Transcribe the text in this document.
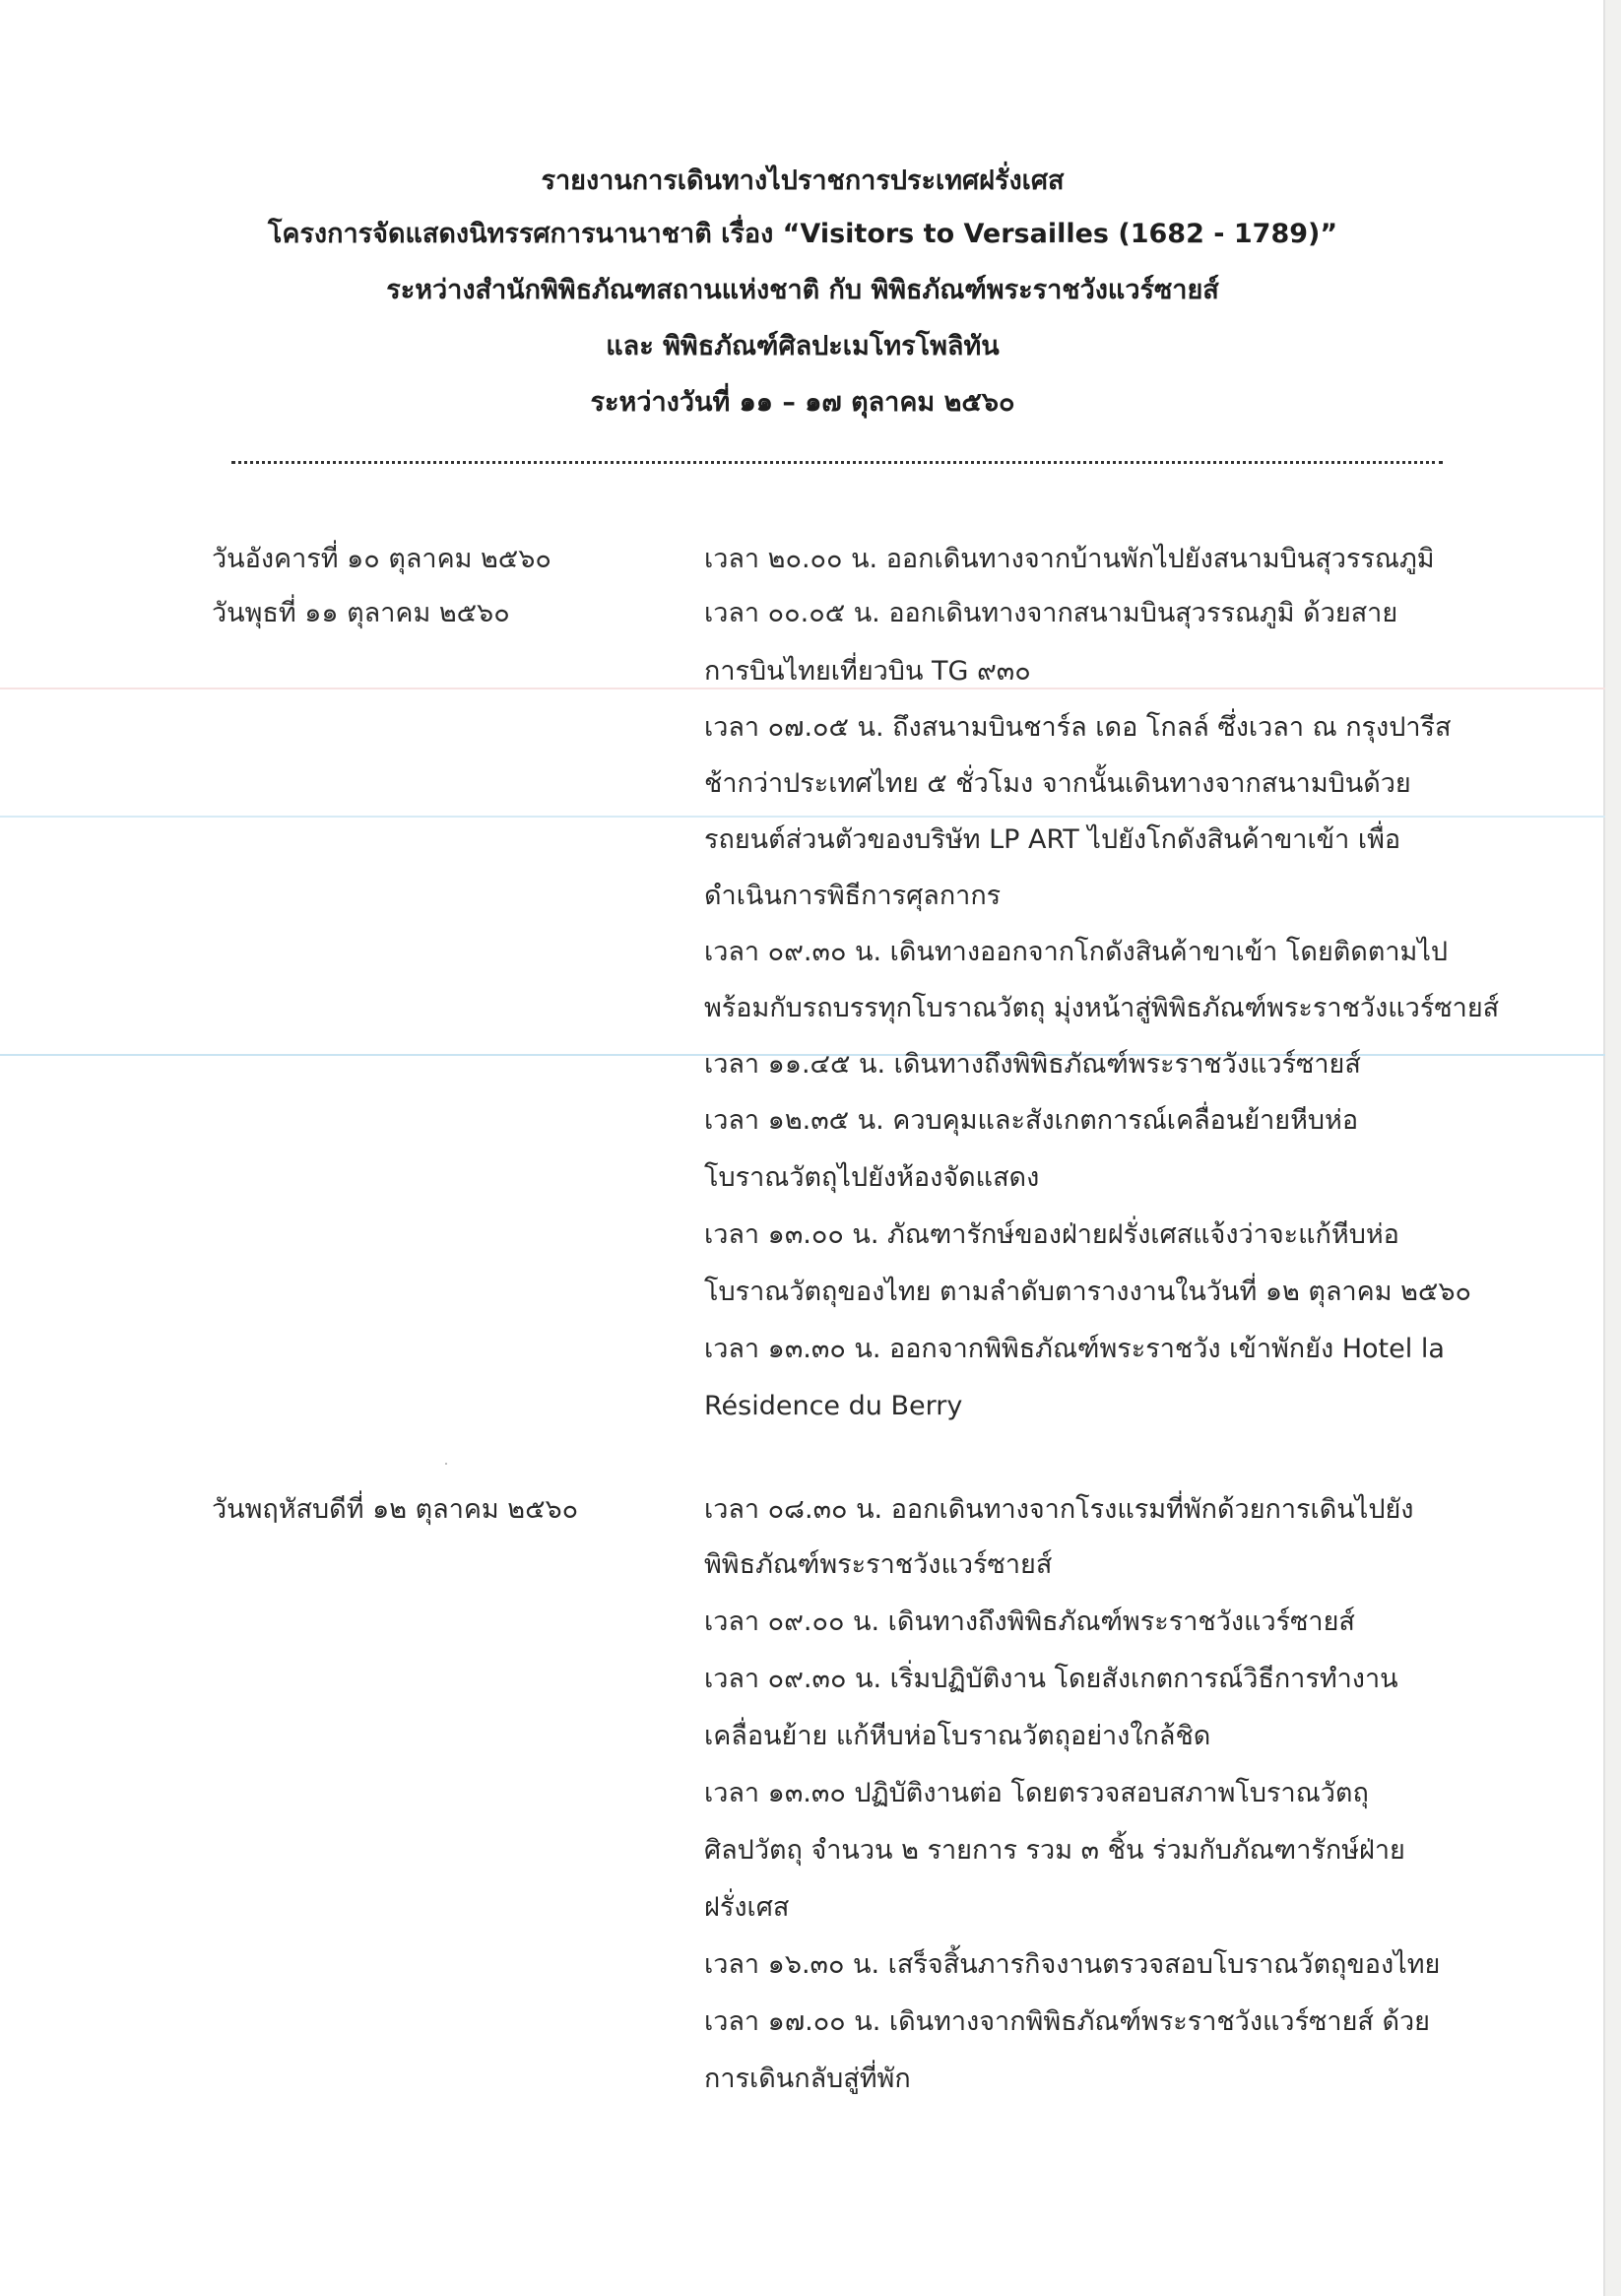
รายงานการเดินทางไปราชการประเทศฝรั่งเศส
โครงการจัดแสดงนิทรรศการนานาชาติ เรื่อง “Visitors to Versailles (1682 - 1789)”
ระหว่างสำนักพิพิธภัณฑสถานแห่งชาติ กับ พิพิธภัณฑ์พระราชวังแวร์ซายส์
และ พิพิธภัณฑ์ศิลปะเมโทรโพลิทัน
ระหว่างวันที่ ๑๑ – ๑๗ ตุลาคม ๒๕๖๐
วันอังคารที่ ๑๐ ตุลาคม ๒๕๖๐
วันพุธที่ ๑๑ ตุลาคม ๒๕๖๐
วันพฤหัสบดีที่ ๑๒ ตุลาคม ๒๕๖๐
เวลา ๒๐.๐๐ น. ออกเดินทางจากบ้านพักไปยังสนามบินสุวรรณภูมิ
เวลา ๐๐.๐๕ น. ออกเดินทางจากสนามบินสุวรรณภูมิ ด้วยสาย
การบินไทยเที่ยวบิน TG ๙๓๐
เวลา ๐๗.๐๕ น. ถึงสนามบินชาร์ล เดอ โกลล์ ซึ่งเวลา ณ กรุงปารีส
ช้ากว่าประเทศไทย ๕ ชั่วโมง จากนั้นเดินทางจากสนามบินด้วย
รถยนต์ส่วนตัวของบริษัท LP ART ไปยังโกดังสินค้าขาเข้า เพื่อ
ดำเนินการพิธีการศุลกากร
เวลา ๐๙.๓๐ น. เดินทางออกจากโกดังสินค้าขาเข้า โดยติดตามไป
พร้อมกับรถบรรทุกโบราณวัตถุ มุ่งหน้าสู่พิพิธภัณฑ์พระราชวังแวร์ซายส์
เวลา ๑๑.๔๕ น. เดินทางถึงพิพิธภัณฑ์พระราชวังแวร์ซายส์
เวลา ๑๒.๓๕ น. ควบคุมและสังเกตการณ์เคลื่อนย้ายหีบห่อ
โบราณวัตถุไปยังห้องจัดแสดง
เวลา ๑๓.๐๐ น. ภัณฑารักษ์ของฝ่ายฝรั่งเศสแจ้งว่าจะแก้หีบห่อ
โบราณวัตถุของไทย ตามลำดับตารางงานในวันที่ ๑๒ ตุลาคม ๒๕๖๐
เวลา ๑๓.๓๐ น. ออกจากพิพิธภัณฑ์พระราชวัง เข้าพักยัง Hotel la
Résidence du Berry
เวลา ๐๘.๓๐ น. ออกเดินทางจากโรงแรมที่พักด้วยการเดินไปยัง
พิพิธภัณฑ์พระราชวังแวร์ซายส์
เวลา ๐๙.๐๐ น. เดินทางถึงพิพิธภัณฑ์พระราชวังแวร์ซายส์
เวลา ๐๙.๓๐ น. เริ่มปฏิบัติงาน โดยสังเกตการณ์วิธีการทำงาน
เคลื่อนย้าย แก้หีบห่อโบราณวัตถุอย่างใกล้ชิด
เวลา ๑๓.๓๐ ปฏิบัติงานต่อ โดยตรวจสอบสภาพโบราณวัตถุ
ศิลปวัตถุ จำนวน ๒ รายการ รวม ๓ ชิ้น ร่วมกับภัณฑารักษ์ฝ่าย
ฝรั่งเศส
เวลา ๑๖.๓๐ น. เสร็จสิ้นภารกิจงานตรวจสอบโบราณวัตถุของไทย
เวลา ๑๗.๐๐ น. เดินทางจากพิพิธภัณฑ์พระราชวังแวร์ซายส์ ด้วย
การเดินกลับสู่ที่พัก
